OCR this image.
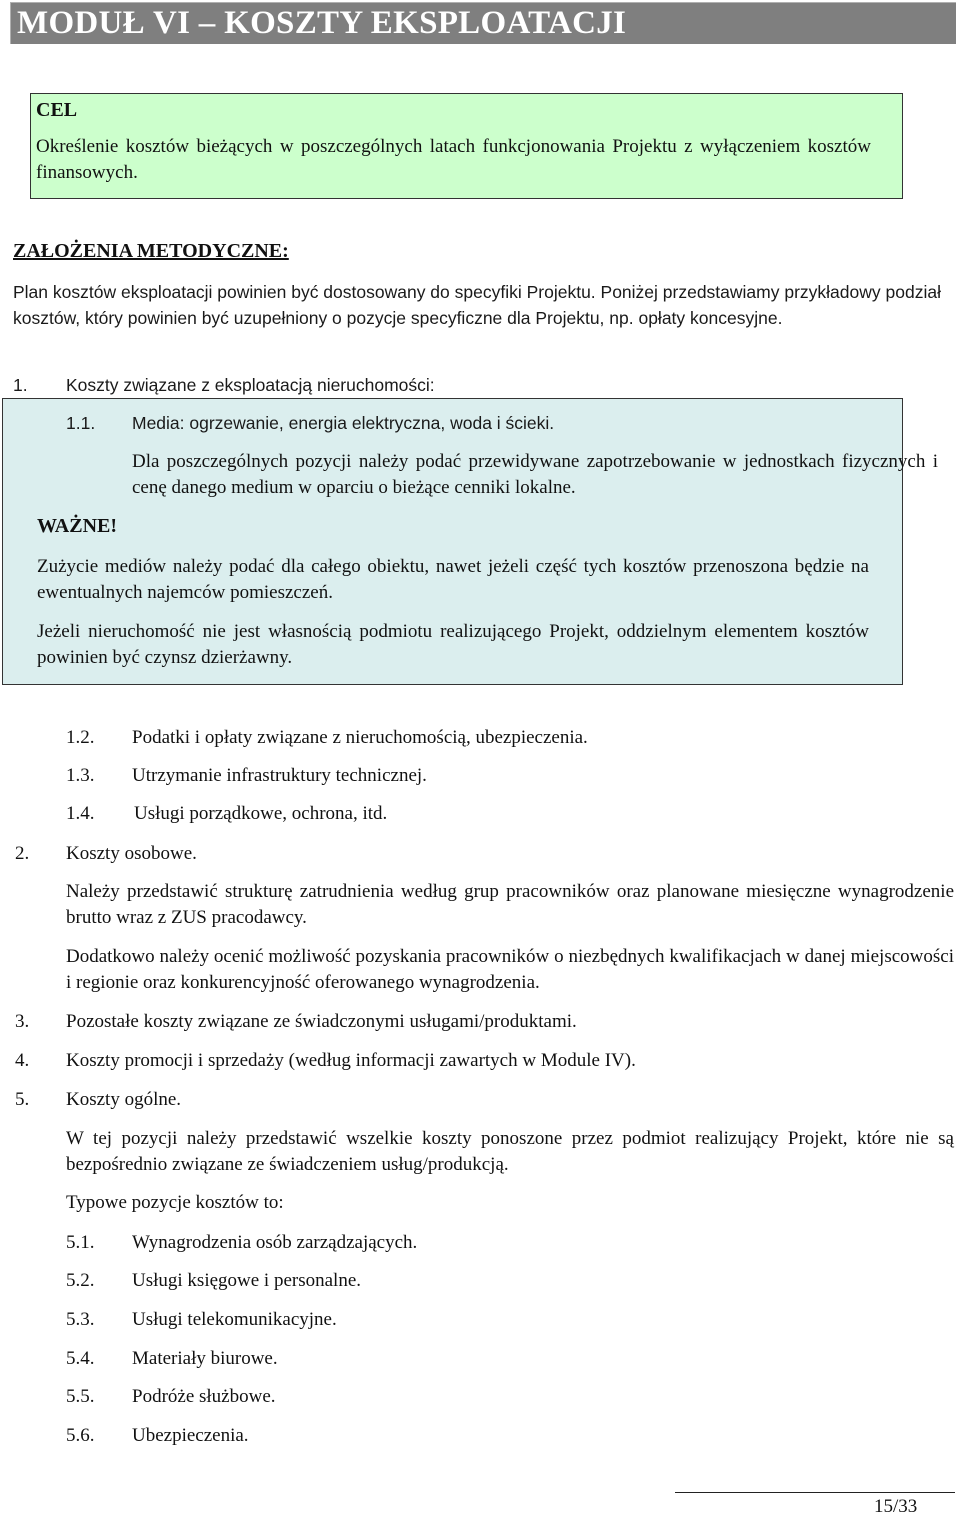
MODUŁ VI – KOSZTY EKSPLOATACJI
CEL
Określenie kosztów bieżących w poszczególnych latach funkcjonowania Projektu z wyłączeniem kosztów finansowych.
ZAŁOŻENIA METODYCZNE:
Plan kosztów eksploatacji powinien być dostosowany do specyfiki Projektu. Poniżej przedstawiamy przykładowy podział kosztów, który powinien być uzupełniony o pozycje specyficzne dla Projektu, np. opłaty koncesyjne.
1. Koszty związane z eksploatacją nieruchomości:
1.1. Media: ogrzewanie, energia elektryczna, woda i ścieki.
Dla poszczególnych pozycji należy podać przewidywane zapotrzebowanie w jednostkach fizycznych i cenę danego medium w oparciu o bieżące cenniki lokalne.
WAŻNE!
Zużycie mediów należy podać dla całego obiektu, nawet jeżeli część tych kosztów przenoszona będzie na ewentualnych najemców pomieszczeń.
Jeżeli nieruchomość nie jest własnością podmiotu realizującego Projekt, oddzielnym elementem kosztów powinien być czynsz dzierżawny.
1.2. Podatki i opłaty związane z nieruchomością, ubezpieczenia.
1.3. Utrzymanie infrastruktury technicznej.
1.4. Usługi porządkowe, ochrona, itd.
2. Koszty osobowe.
Należy przedstawić strukturę zatrudnienia według grup pracowników oraz planowane miesięczne wynagrodzenie brutto wraz z ZUS pracodawcy.
Dodatkowo należy ocenić możliwość pozyskania pracowników o niezbędnych kwalifikacjach w danej miejscowości i regionie oraz konkurencyjność oferowanego wynagrodzenia.
3. Pozostałe koszty związane ze świadczonymi usługami/produktami.
4. Koszty promocji i sprzedaży (według informacji zawartych w Module IV).
5. Koszty ogólne.
W tej pozycji należy przedstawić wszelkie koszty ponoszone przez podmiot realizujący Projekt, które nie są bezpośrednio związane ze świadczeniem usług/produkcją.
Typowe pozycje kosztów to:
5.1. Wynagrodzenia osób zarządzających.
5.2. Usługi księgowe i personalne.
5.3. Usługi telekomunikacyjne.
5.4. Materiały biurowe.
5.5. Podróże służbowe.
5.6. Ubezpieczenia.
15/33
